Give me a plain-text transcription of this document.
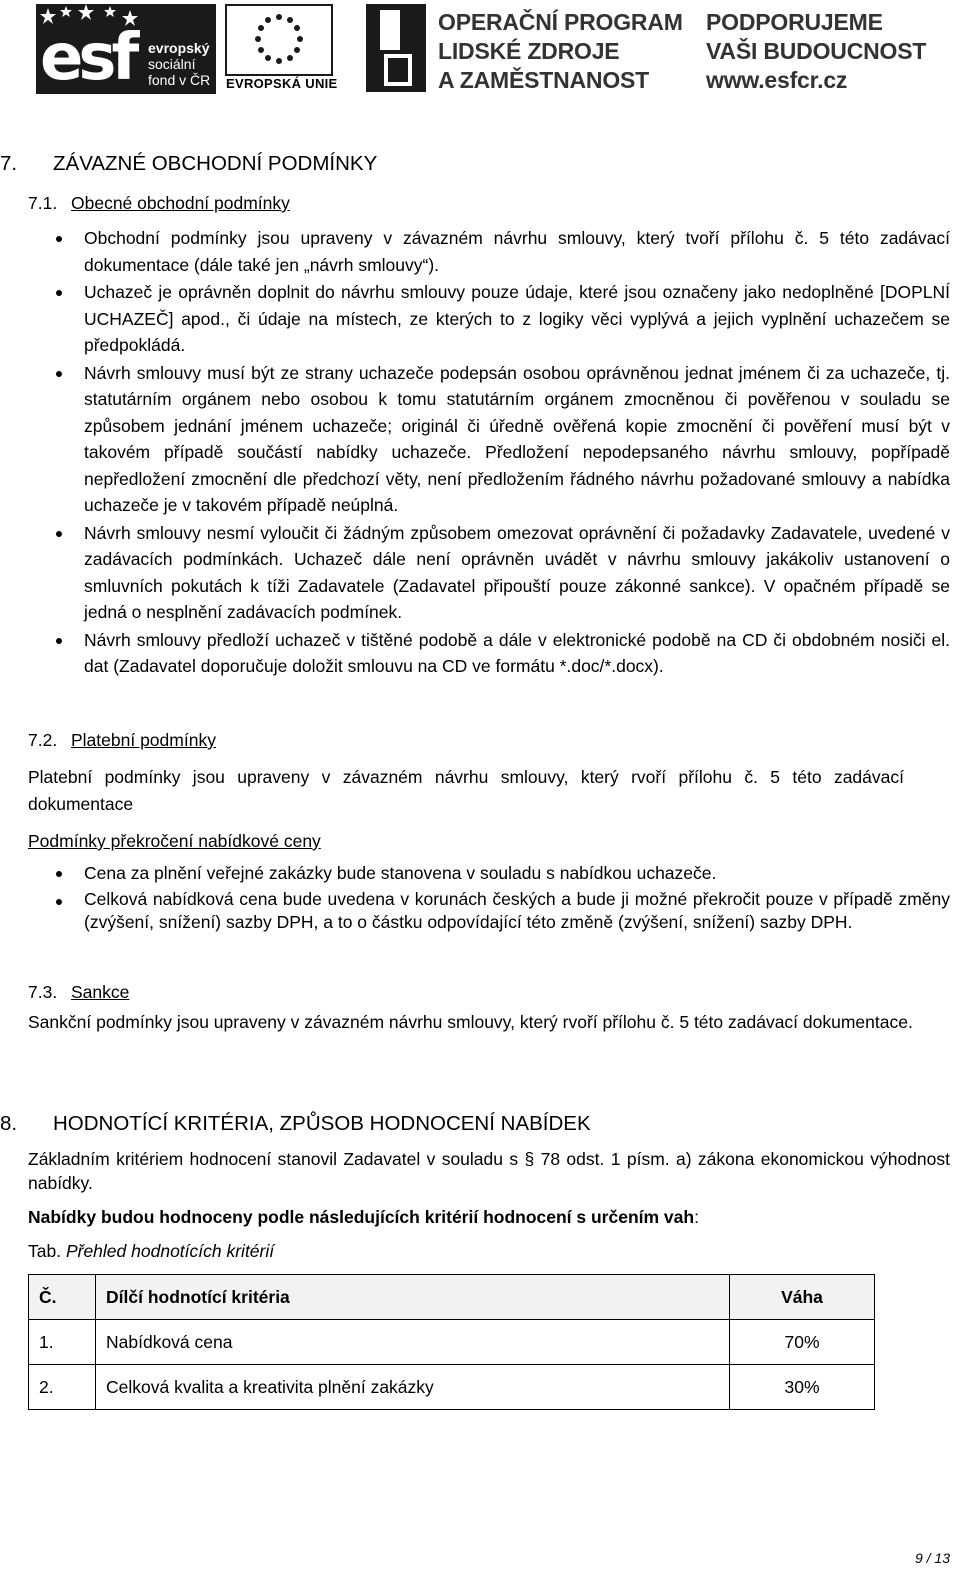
esf evropský
sociální
fond v ČR EVROPSKÁ UNIE
OPERAČNÍ PROGRAM
LIDSKÉ ZDROJE
A ZAMĚSTNANOST
PODPORUJEME
VAŠI BUDOUCNOST
www.esfcr.cz
7. ZÁVAZNÉ OBCHODNÍ PODMÍNKY
7.1. Obecné obchodní podmínky
Obchodní podmínky jsou upraveny v závazném návrhu smlouvy, který tvoří přílohu č. 5 této zadávací dokumentace (dále také jen „návrh smlouvy“).
Uchazeč je oprávněn doplnit do návrhu smlouvy pouze údaje, které jsou označeny jako nedoplněné [DOPLNÍ UCHAZEČ] apod., či údaje na místech, ze kterých to z logiky věci vyplývá a jejich vyplnění uchazečem se předpokládá.
Návrh smlouvy musí být ze strany uchazeče podepsán osobou oprávněnou jednat jménem či za uchazeče, tj. statutárním orgánem nebo osobou k tomu statutárním orgánem zmocněnou či pověřenou v souladu se způsobem jednání jménem uchazeče; originál či úředně ověřená kopie zmocnění či pověření musí být v takovém případě součástí nabídky uchazeče. Předložení nepodepsaného návrhu smlouvy, popřípadě nepředložení zmocnění dle předchozí věty, není předložením řádného návrhu požadované smlouvy a nabídka uchazeče je v takovém případě neúplná.
Návrh smlouvy nesmí vyloučit či žádným způsobem omezovat oprávnění či požadavky Zadavatele, uvedené v zadávacích podmínkách. Uchazeč dále není oprávněn uvádět v návrhu smlouvy jakákoliv ustanovení o smluvních pokutách k tíži Zadavatele (Zadavatel připouští pouze zákonné sankce). V opačném případě se jedná o nesplnění zadávacích podmínek.
Návrh smlouvy předloží uchazeč v tištěné podobě a dále v elektronické podobě na CD či obdobném nosiči el. dat (Zadavatel doporučuje doložit smlouvu na CD ve formátu *.doc/*.docx).
7.2. Platební podmínky
Platební podmínky jsou upraveny v závazném návrhu smlouvy, který rvoří přílohu č. 5 této zadávací dokumentace
Podmínky překročení nabídkové ceny
Cena za plnění veřejné zakázky bude stanovena v souladu s nabídkou uchazeče.
Celková nabídková cena bude uvedena v korunách českých a bude ji možné překročit pouze v případě změny (zvýšení, snížení) sazby DPH, a to o částku odpovídající této změně (zvýšení, snížení) sazby DPH.
7.3. Sankce
Sankční podmínky jsou upraveny v závazném návrhu smlouvy, který rvoří přílohu č. 5 této zadávací dokumentace.
8. HODNOTÍCÍ KRITÉRIA, ZPŮSOB HODNOCENÍ NABÍDEK
Základním kritériem hodnocení stanovil Zadavatel v souladu s § 78 odst. 1 písm. a) zákona ekonomickou výhodnost nabídky.
Nabídky budou hodnoceny podle následujících kritérií hodnocení s určením vah:
Tab. Přehled hodnotících kritérií
Č.	Dílčí hodnotící kritéria	Váha
1.	Nabídková cena	70%
2.	Celková kvalita a kreativita plnění zakázky	30%
9 / 13
